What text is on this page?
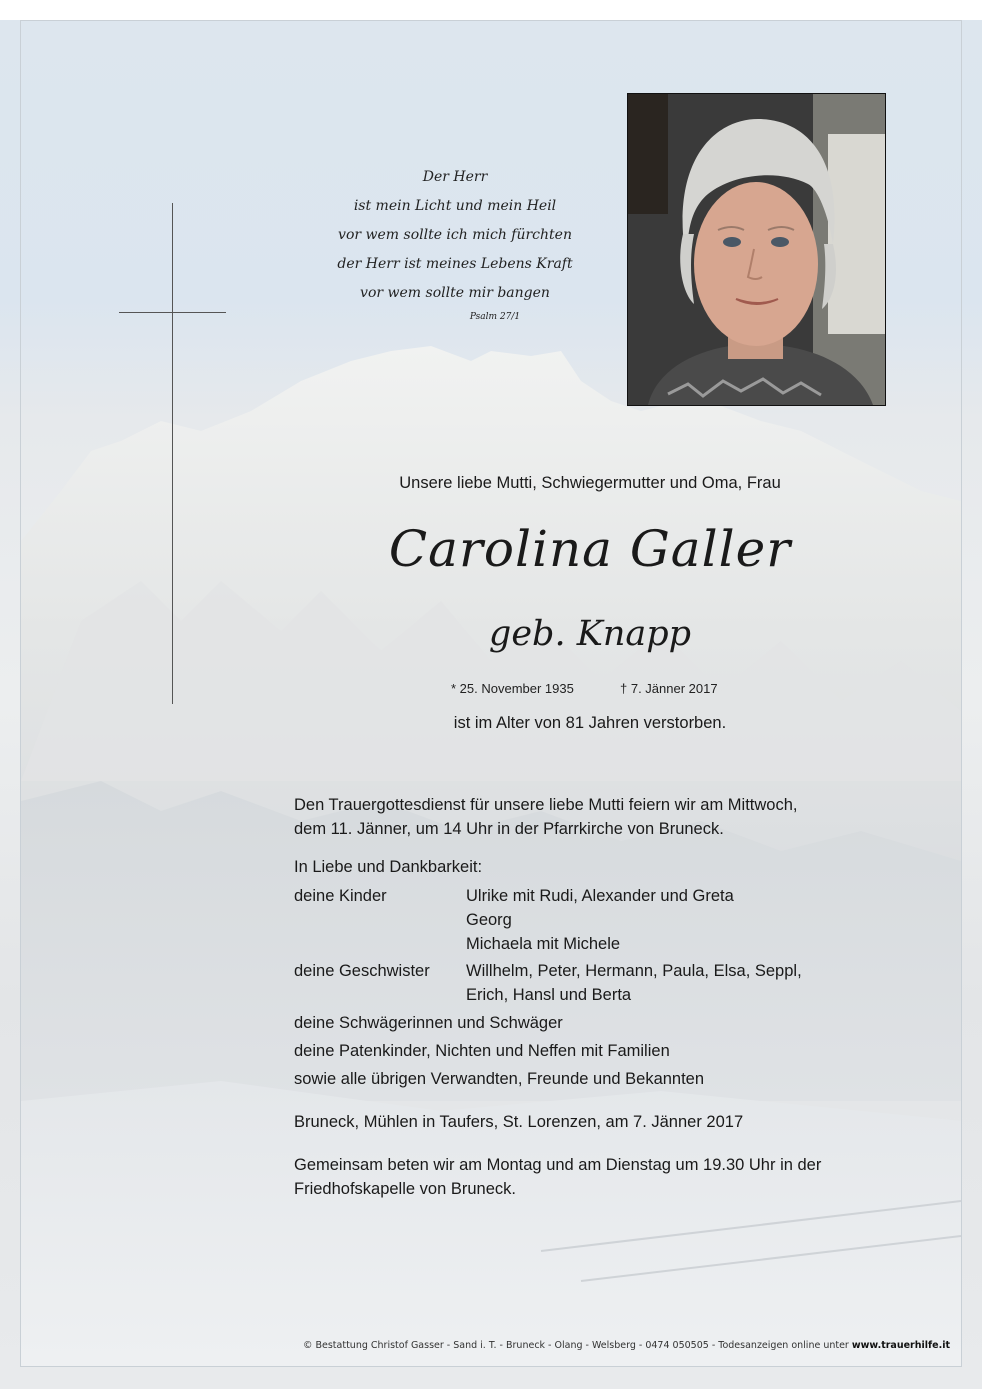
Der Herr
ist mein Licht und mein Heil
vor wem sollte ich mich fürchten
der Herr ist meines Lebens Kraft
vor wem sollte mir bangen
Psalm 27/1
Unsere liebe Mutti, Schwiegermutter und Oma, Frau
Carolina Galler
geb. Knapp
* 25. November 1935	† 7. Jänner 2017
ist im Alter von 81 Jahren verstorben.
Den Trauergottesdienst für unsere liebe Mutti feiern wir am Mittwoch,
dem 11. Jänner, um 14 Uhr in der Pfarrkirche von Bruneck.
In Liebe und Dankbarkeit:
deine Kinder	Ulrike mit Rudi, Alexander und Greta
Georg
Michaela mit Michele
deine Geschwister Willhelm, Peter, Hermann, Paula, Elsa, Seppl,
Erich, Hansl und Berta
deine Schwägerinnen und Schwäger
deine Patenkinder, Nichten und Neffen mit Familien
sowie alle übrigen Verwandten, Freunde und Bekannten
Bruneck, Mühlen in Taufers, St. Lorenzen, am 7. Jänner 2017
Gemeinsam beten wir am Montag und am Dienstag um 19.30 Uhr in der
Friedhofskapelle von Bruneck.
© Bestattung Christof Gasser - Sand i. T. - Bruneck - Olang - Welsberg - 0474 050505 - Todesanzeigen online unter www.trauerhilfe.it
